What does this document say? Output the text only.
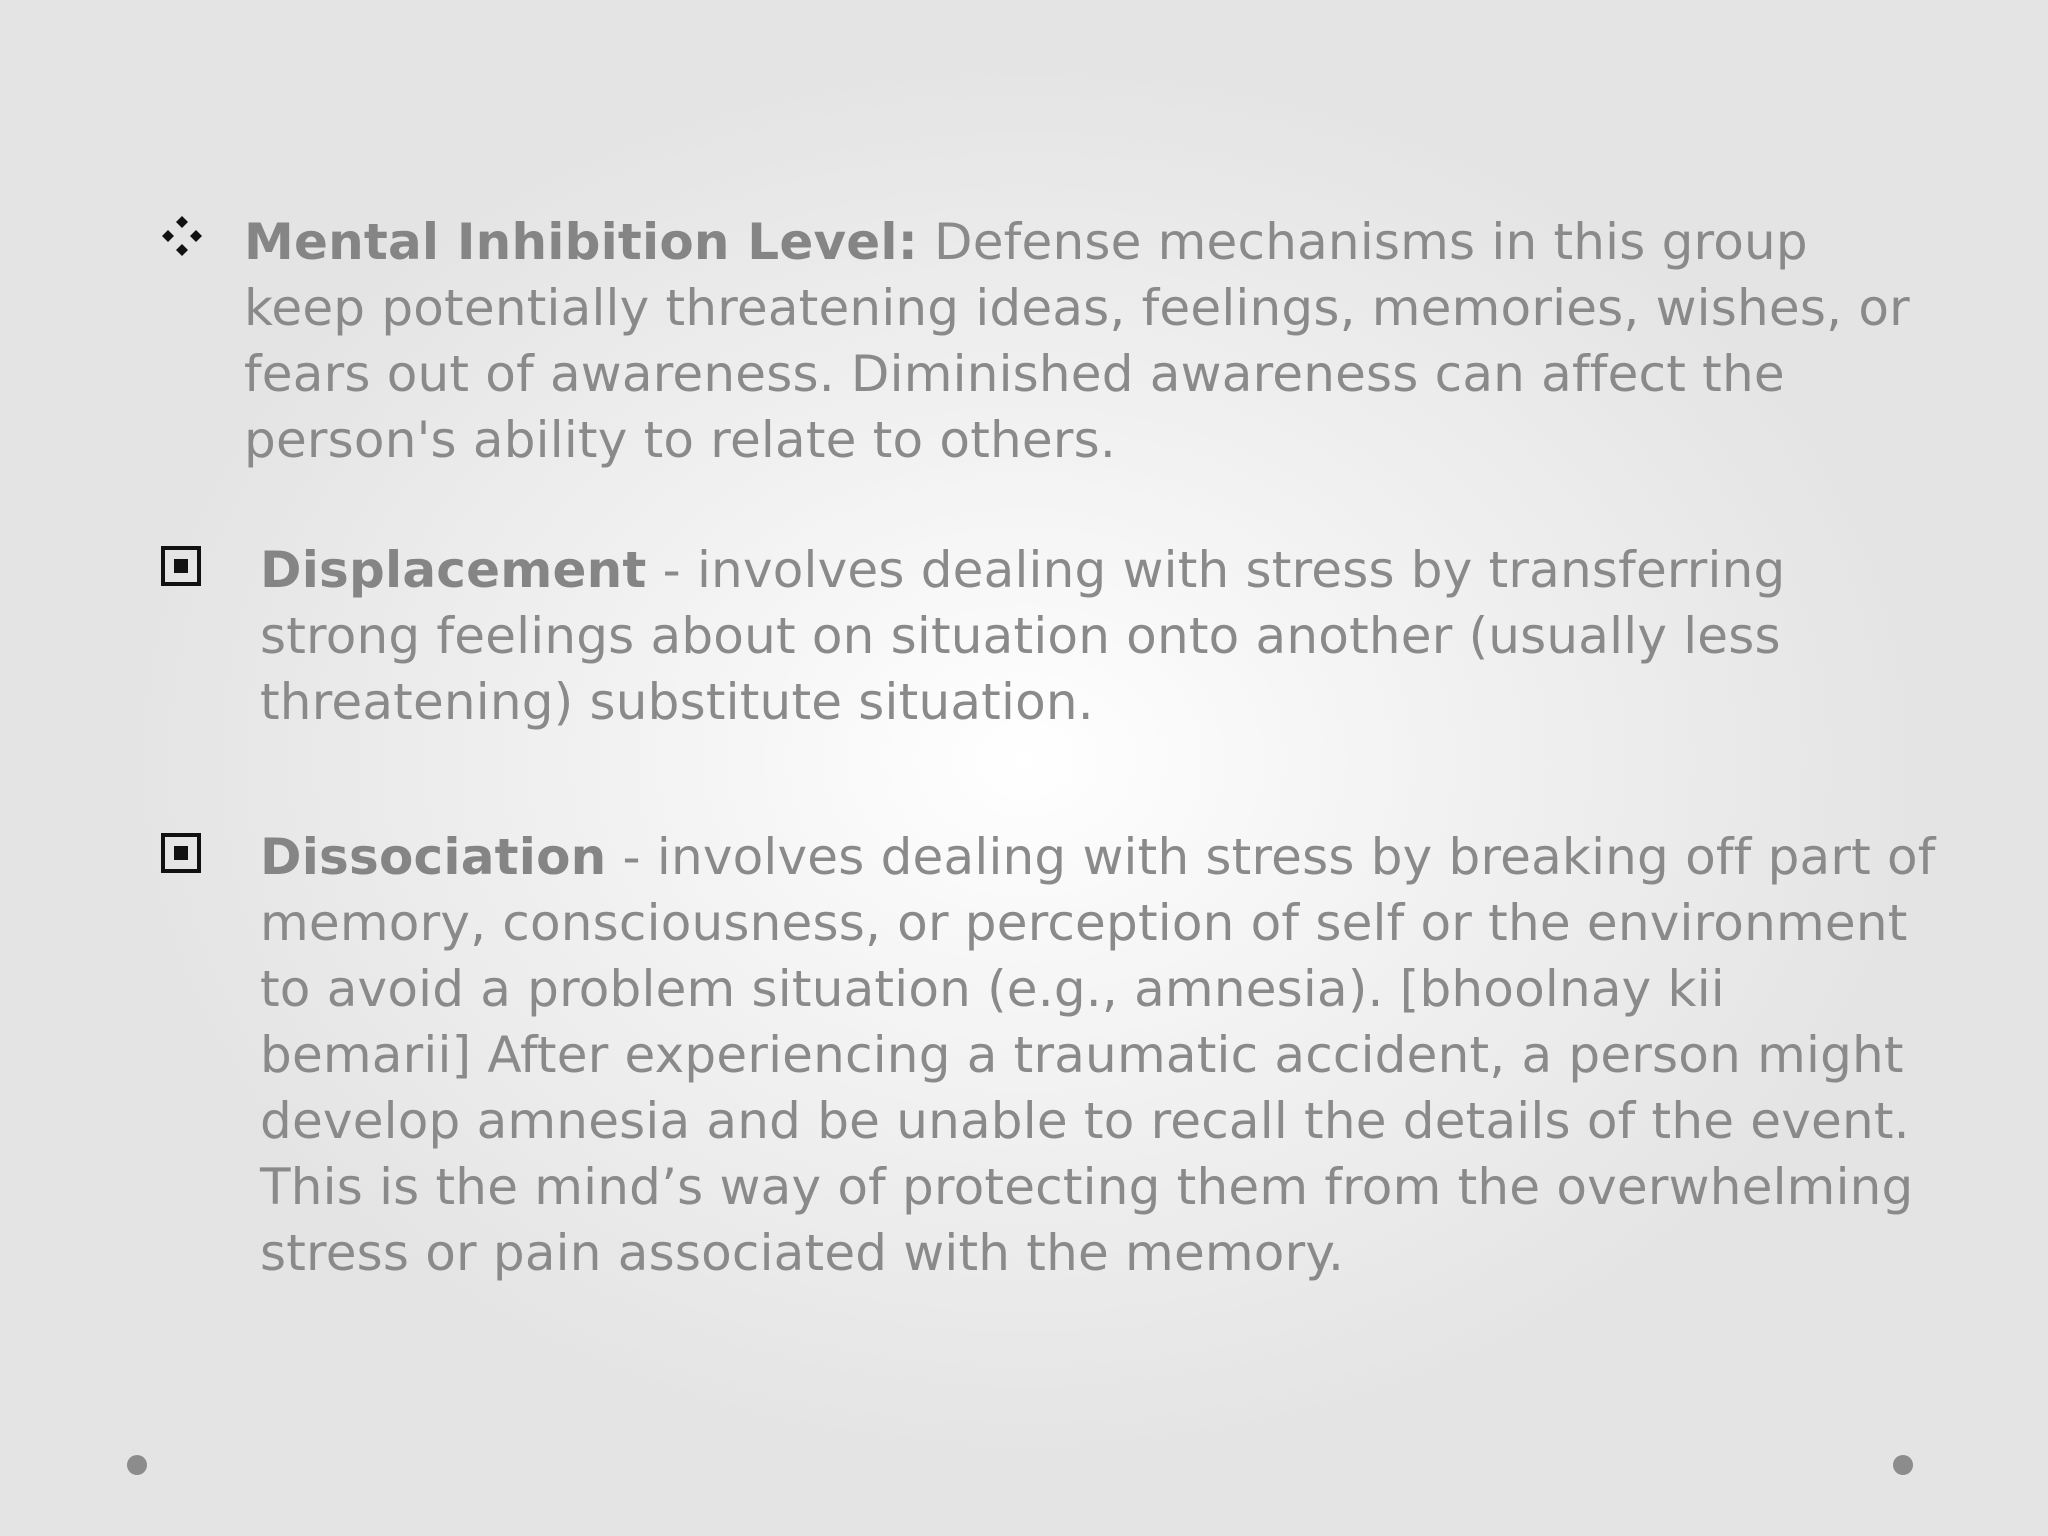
Mental Inhibition Level: Defense mechanisms in this group keep potentially threatening ideas, feelings, memories, wishes, or fears out of awareness. Diminished awareness can affect the person's ability to relate to others.
Displacement - involves dealing with stress by transferring strong feelings about on situation onto another (usually less threatening) substitute situation.
Dissociation - involves dealing with stress by breaking off part of memory, consciousness, or perception of self or the environment to avoid a problem situation (e.g., amnesia). [bhoolnay kii bemarii] After experiencing a traumatic accident, a person might develop amnesia and be unable to recall the details of the event. This is the mind’s way of protecting them from the overwhelming stress or pain associated with the memory.
